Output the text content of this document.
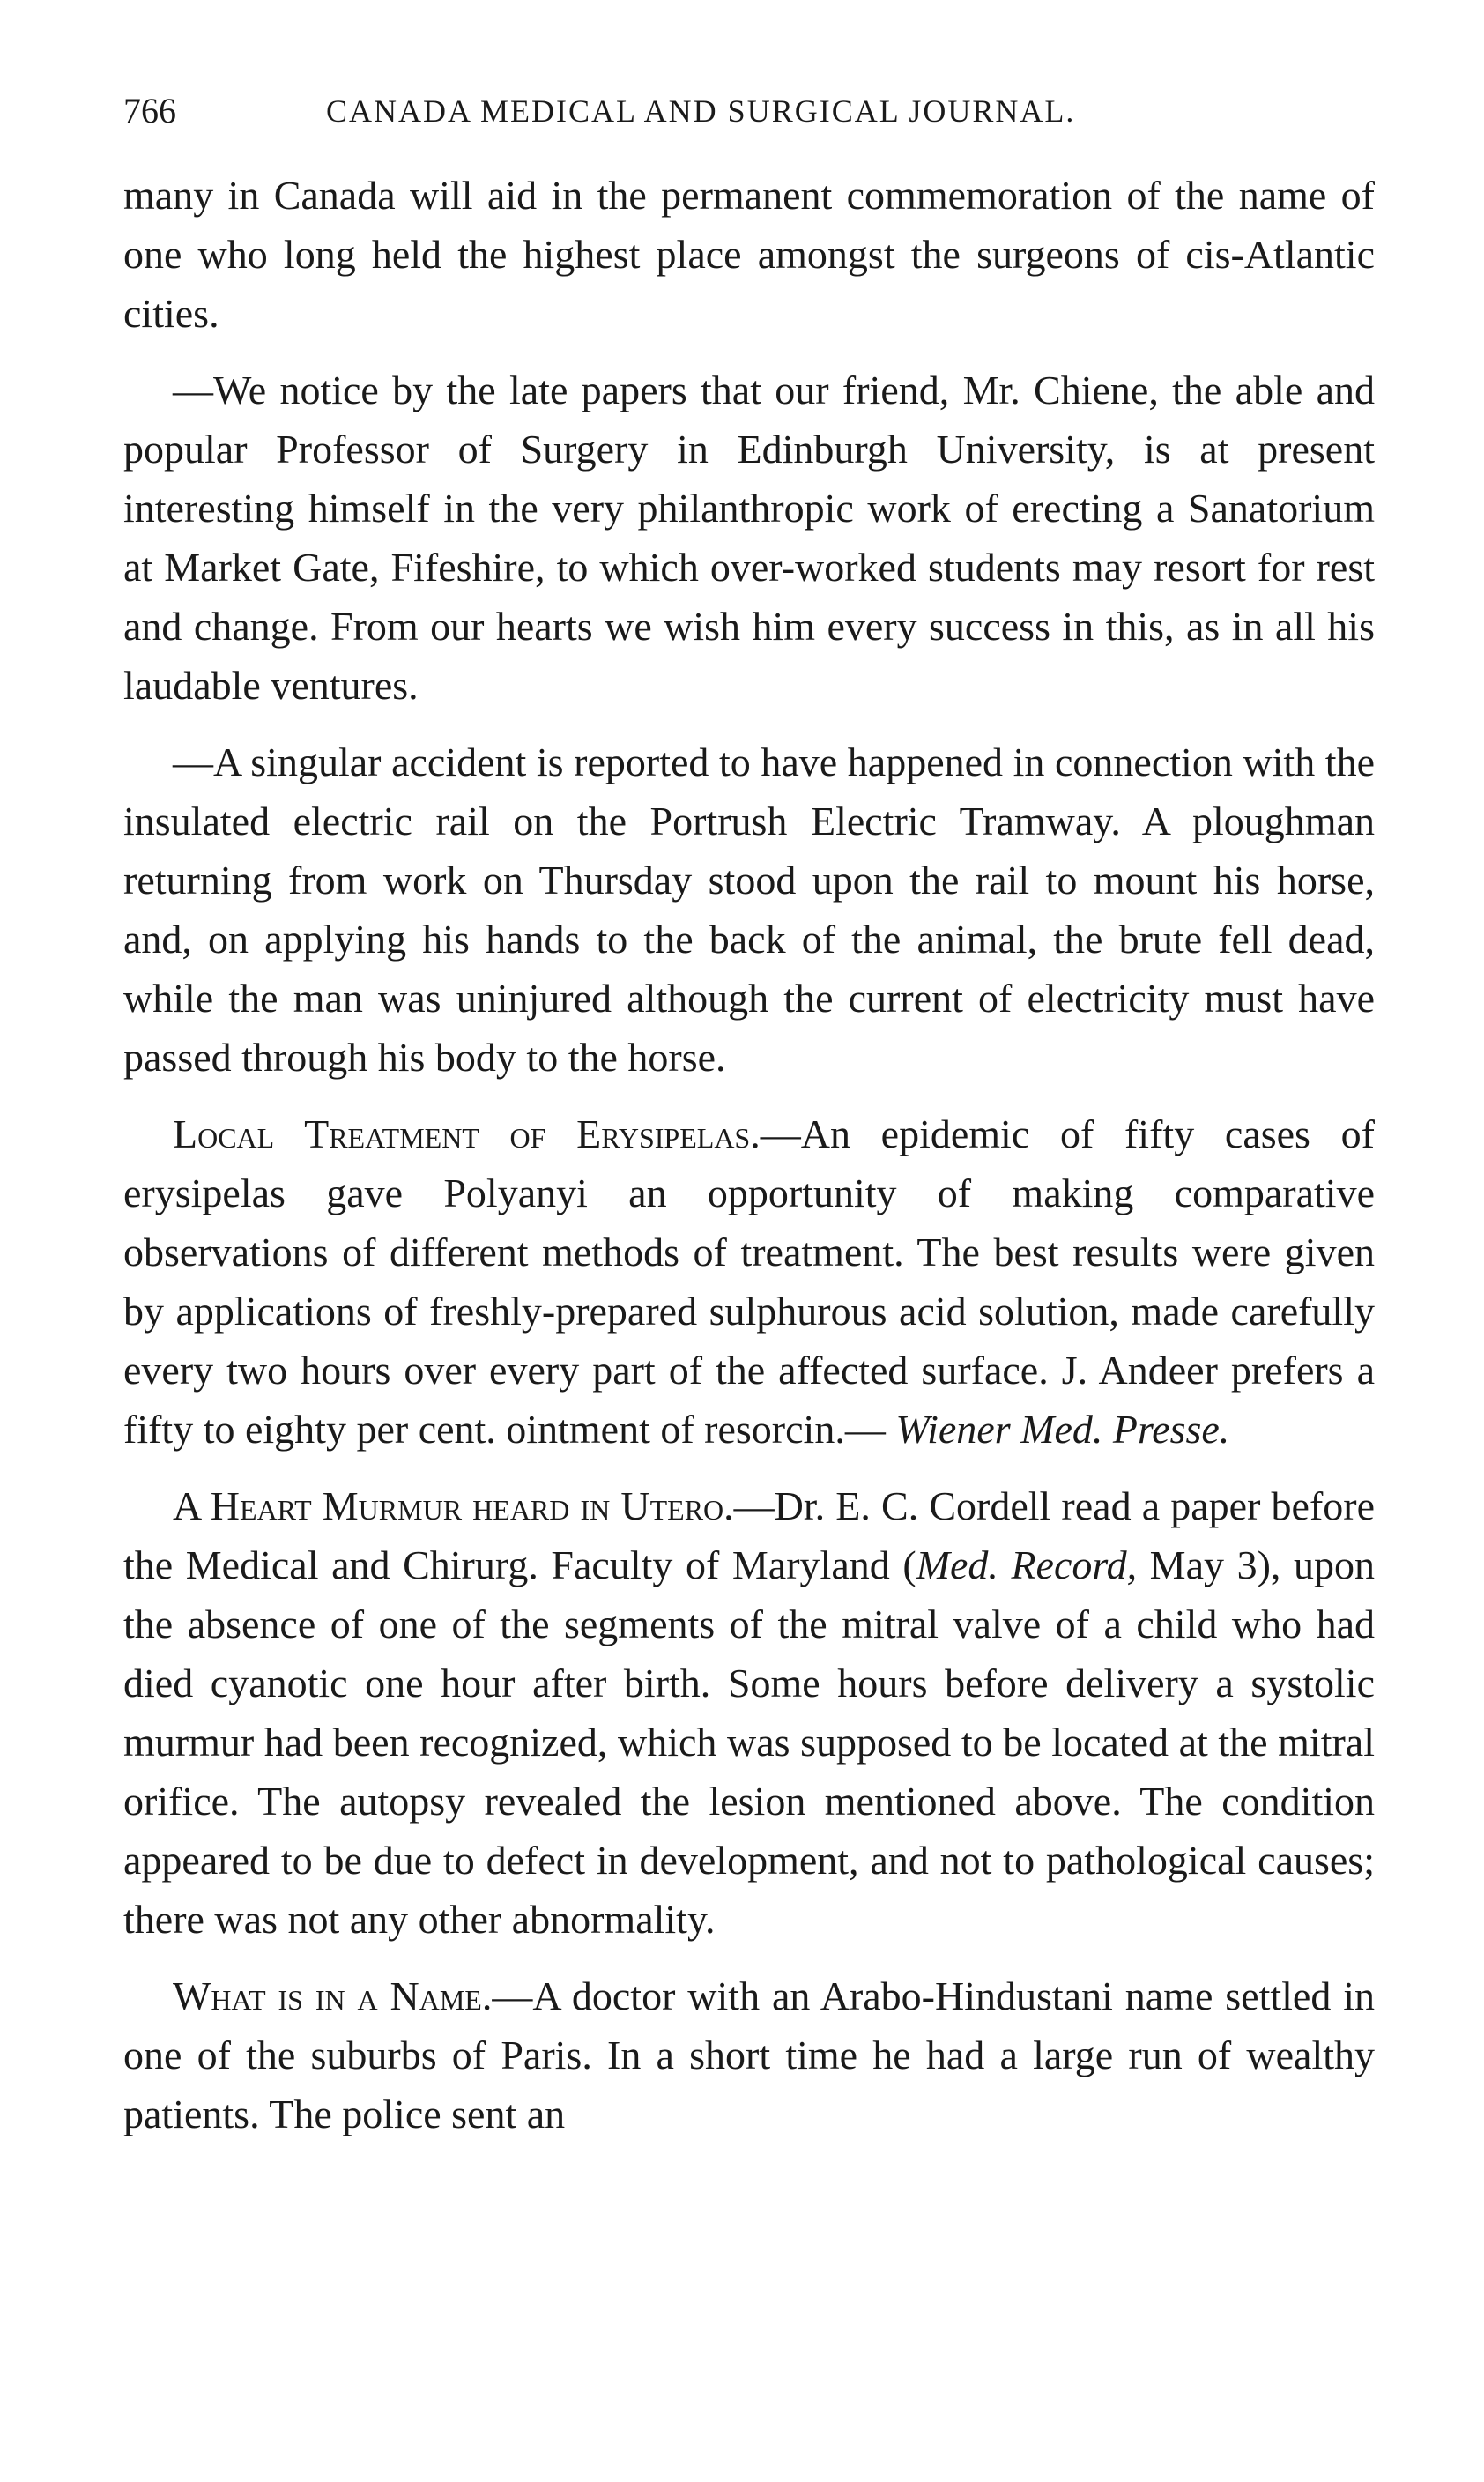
766	CANADA MEDICAL AND SURGICAL JOURNAL.

many in Canada will aid in the permanent commemoration of the name of one who long held the highest place amongst the surgeons of cis-Atlantic cities.

—We notice by the late papers that our friend, Mr. Chiene, the able and popular Professor of Surgery in Edinburgh University, is at present interesting himself in the very philanthropic work of erecting a Sanatorium at Market Gate, Fifeshire, to which over-worked students may resort for rest and change. From our hearts we wish him every success in this, as in all his laudable ventures.

—A singular accident is reported to have happened in connection with the insulated electric rail on the Portrush Electric Tramway. A ploughman returning from work on Thursday stood upon the rail to mount his horse, and, on applying his hands to the back of the animal, the brute fell dead, while the man was uninjured although the current of electricity must have passed through his body to the horse.

Local Treatment of Erysipelas.—An epidemic of fifty cases of erysipelas gave Polyanyi an opportunity of making comparative observations of different methods of treatment. The best results were given by applications of freshly-prepared sulphurous acid solution, made carefully every two hours over every part of the affected surface. J. Andeer prefers a fifty to eighty per cent. ointment of resorcin.— Wiener Med. Presse.

A Heart Murmur heard in Utero.—Dr. E. C. Cordell read a paper before the Medical and Chirurg. Faculty of Maryland (Med. Record, May 3), upon the absence of one of the segments of the mitral valve of a child who had died cyanotic one hour after birth. Some hours before delivery a systolic murmur had been recognized, which was supposed to be located at the mitral orifice. The autopsy revealed the lesion mentioned above. The condition appeared to be due to defect in development, and not to pathological causes; there was not any other abnormality.

What is in a Name.—A doctor with an Arabo-Hindustani name settled in one of the suburbs of Paris. In a short time he had a large run of wealthy patients. The police sent an
